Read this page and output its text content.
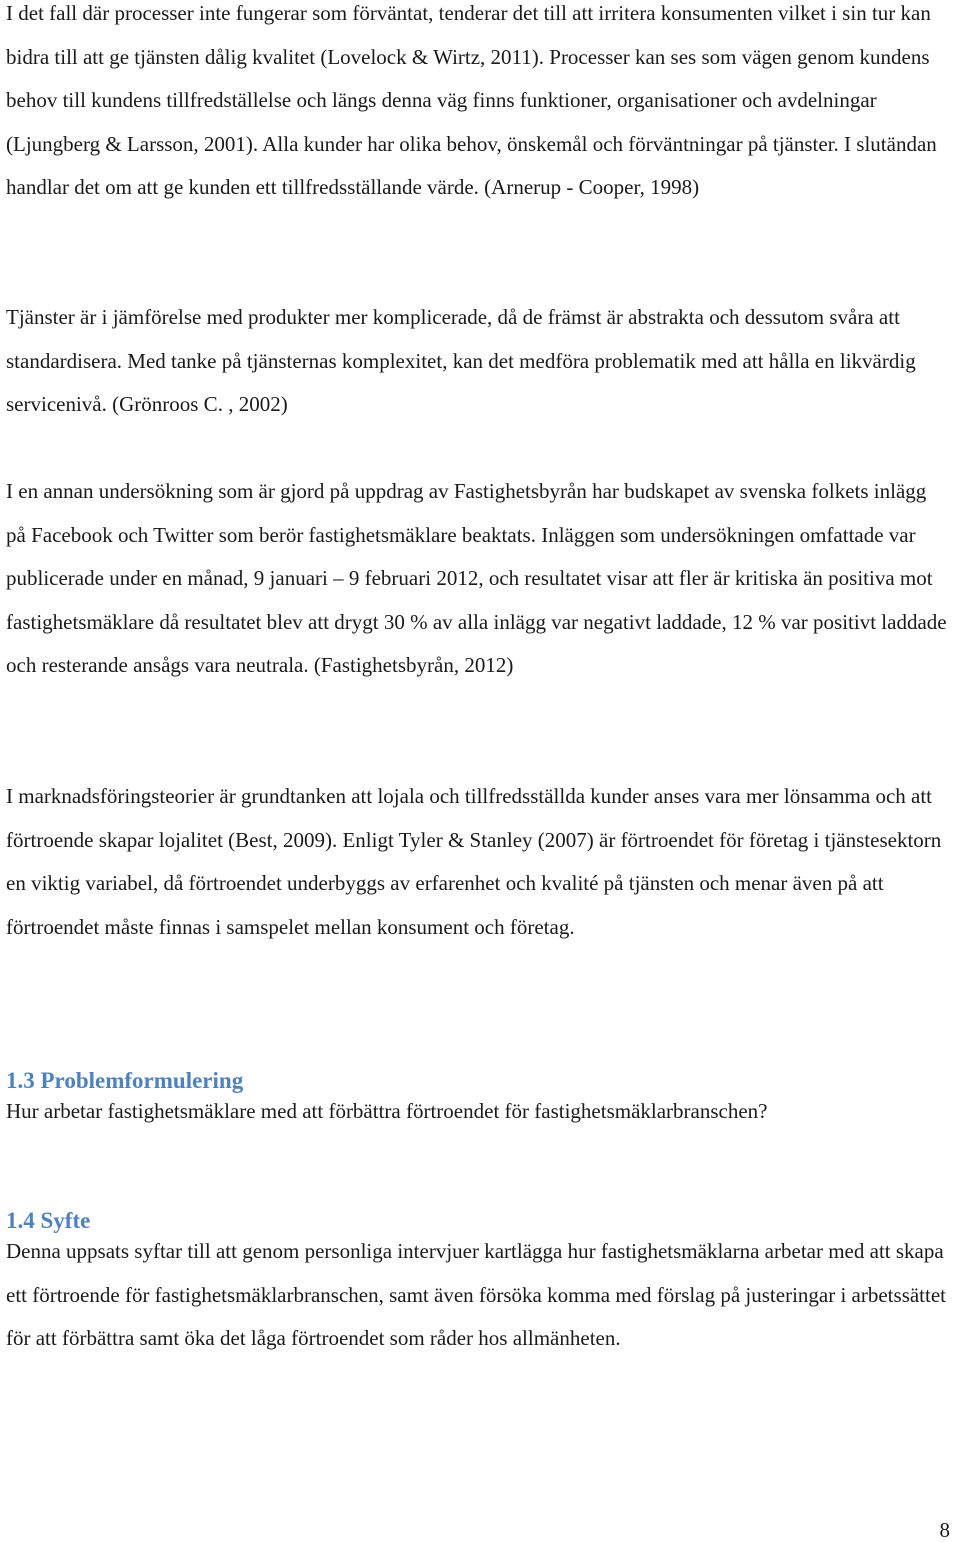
I det fall där processer inte fungerar som förväntat, tenderar det till att irritera konsumenten vilket i sin tur kan bidra till att ge tjänsten dålig kvalitet (Lovelock & Wirtz, 2011). Processer kan ses som vägen genom kundens behov till kundens tillfredställelse och längs denna väg finns funktioner, organisationer och avdelningar (Ljungberg & Larsson, 2001). Alla kunder har olika behov, önskemål och förväntningar på tjänster. I slutändan handlar det om att ge kunden ett tillfredsställande värde. (Arnerup - Cooper, 1998)

Tjänster är i jämförelse med produkter mer komplicerade, då de främst är abstrakta och dessutom svåra att standardisera. Med tanke på tjänsternas komplexitet, kan det medföra problematik med att hålla en likvärdig servicenivå. (Grönroos C. , 2002)

I en annan undersökning som är gjord på uppdrag av Fastighetsbyrån har budskapet av svenska folkets inlägg på Facebook och Twitter som berör fastighetsmäklare beaktats. Inläggen som undersökningen omfattade var publicerade under en månad, 9 januari – 9 februari 2012, och resultatet visar att fler är kritiska än positiva mot fastighetsmäklare då resultatet blev att drygt 30 % av alla inlägg var negativt laddade, 12 % var positivt laddade och resterande ansågs vara neutrala. (Fastighetsbyrån, 2012)

I marknadsföringsteorier är grundtanken att lojala och tillfredsställda kunder anses vara mer lönsamma och att förtroende skapar lojalitet (Best, 2009). Enligt Tyler & Stanley (2007) är förtroendet för företag i tjänstesektorn en viktig variabel, då förtroendet underbyggs av erfarenhet och kvalité på tjänsten och menar även på att förtroendet måste finnas i samspelet mellan konsument och företag.

1.3 Problemformulering

Hur arbetar fastighetsmäklare med att förbättra förtroendet för fastighetsmäklarbranschen?

1.4 Syfte

Denna uppsats syftar till att genom personliga intervjuer kartlägga hur fastighetsmäklarna arbetar med att skapa ett förtroende för fastighetsmäklarbranschen, samt även försöka komma med förslag på justeringar i arbetssättet för att förbättra samt öka det låga förtroendet som råder hos allmänheten.

8
